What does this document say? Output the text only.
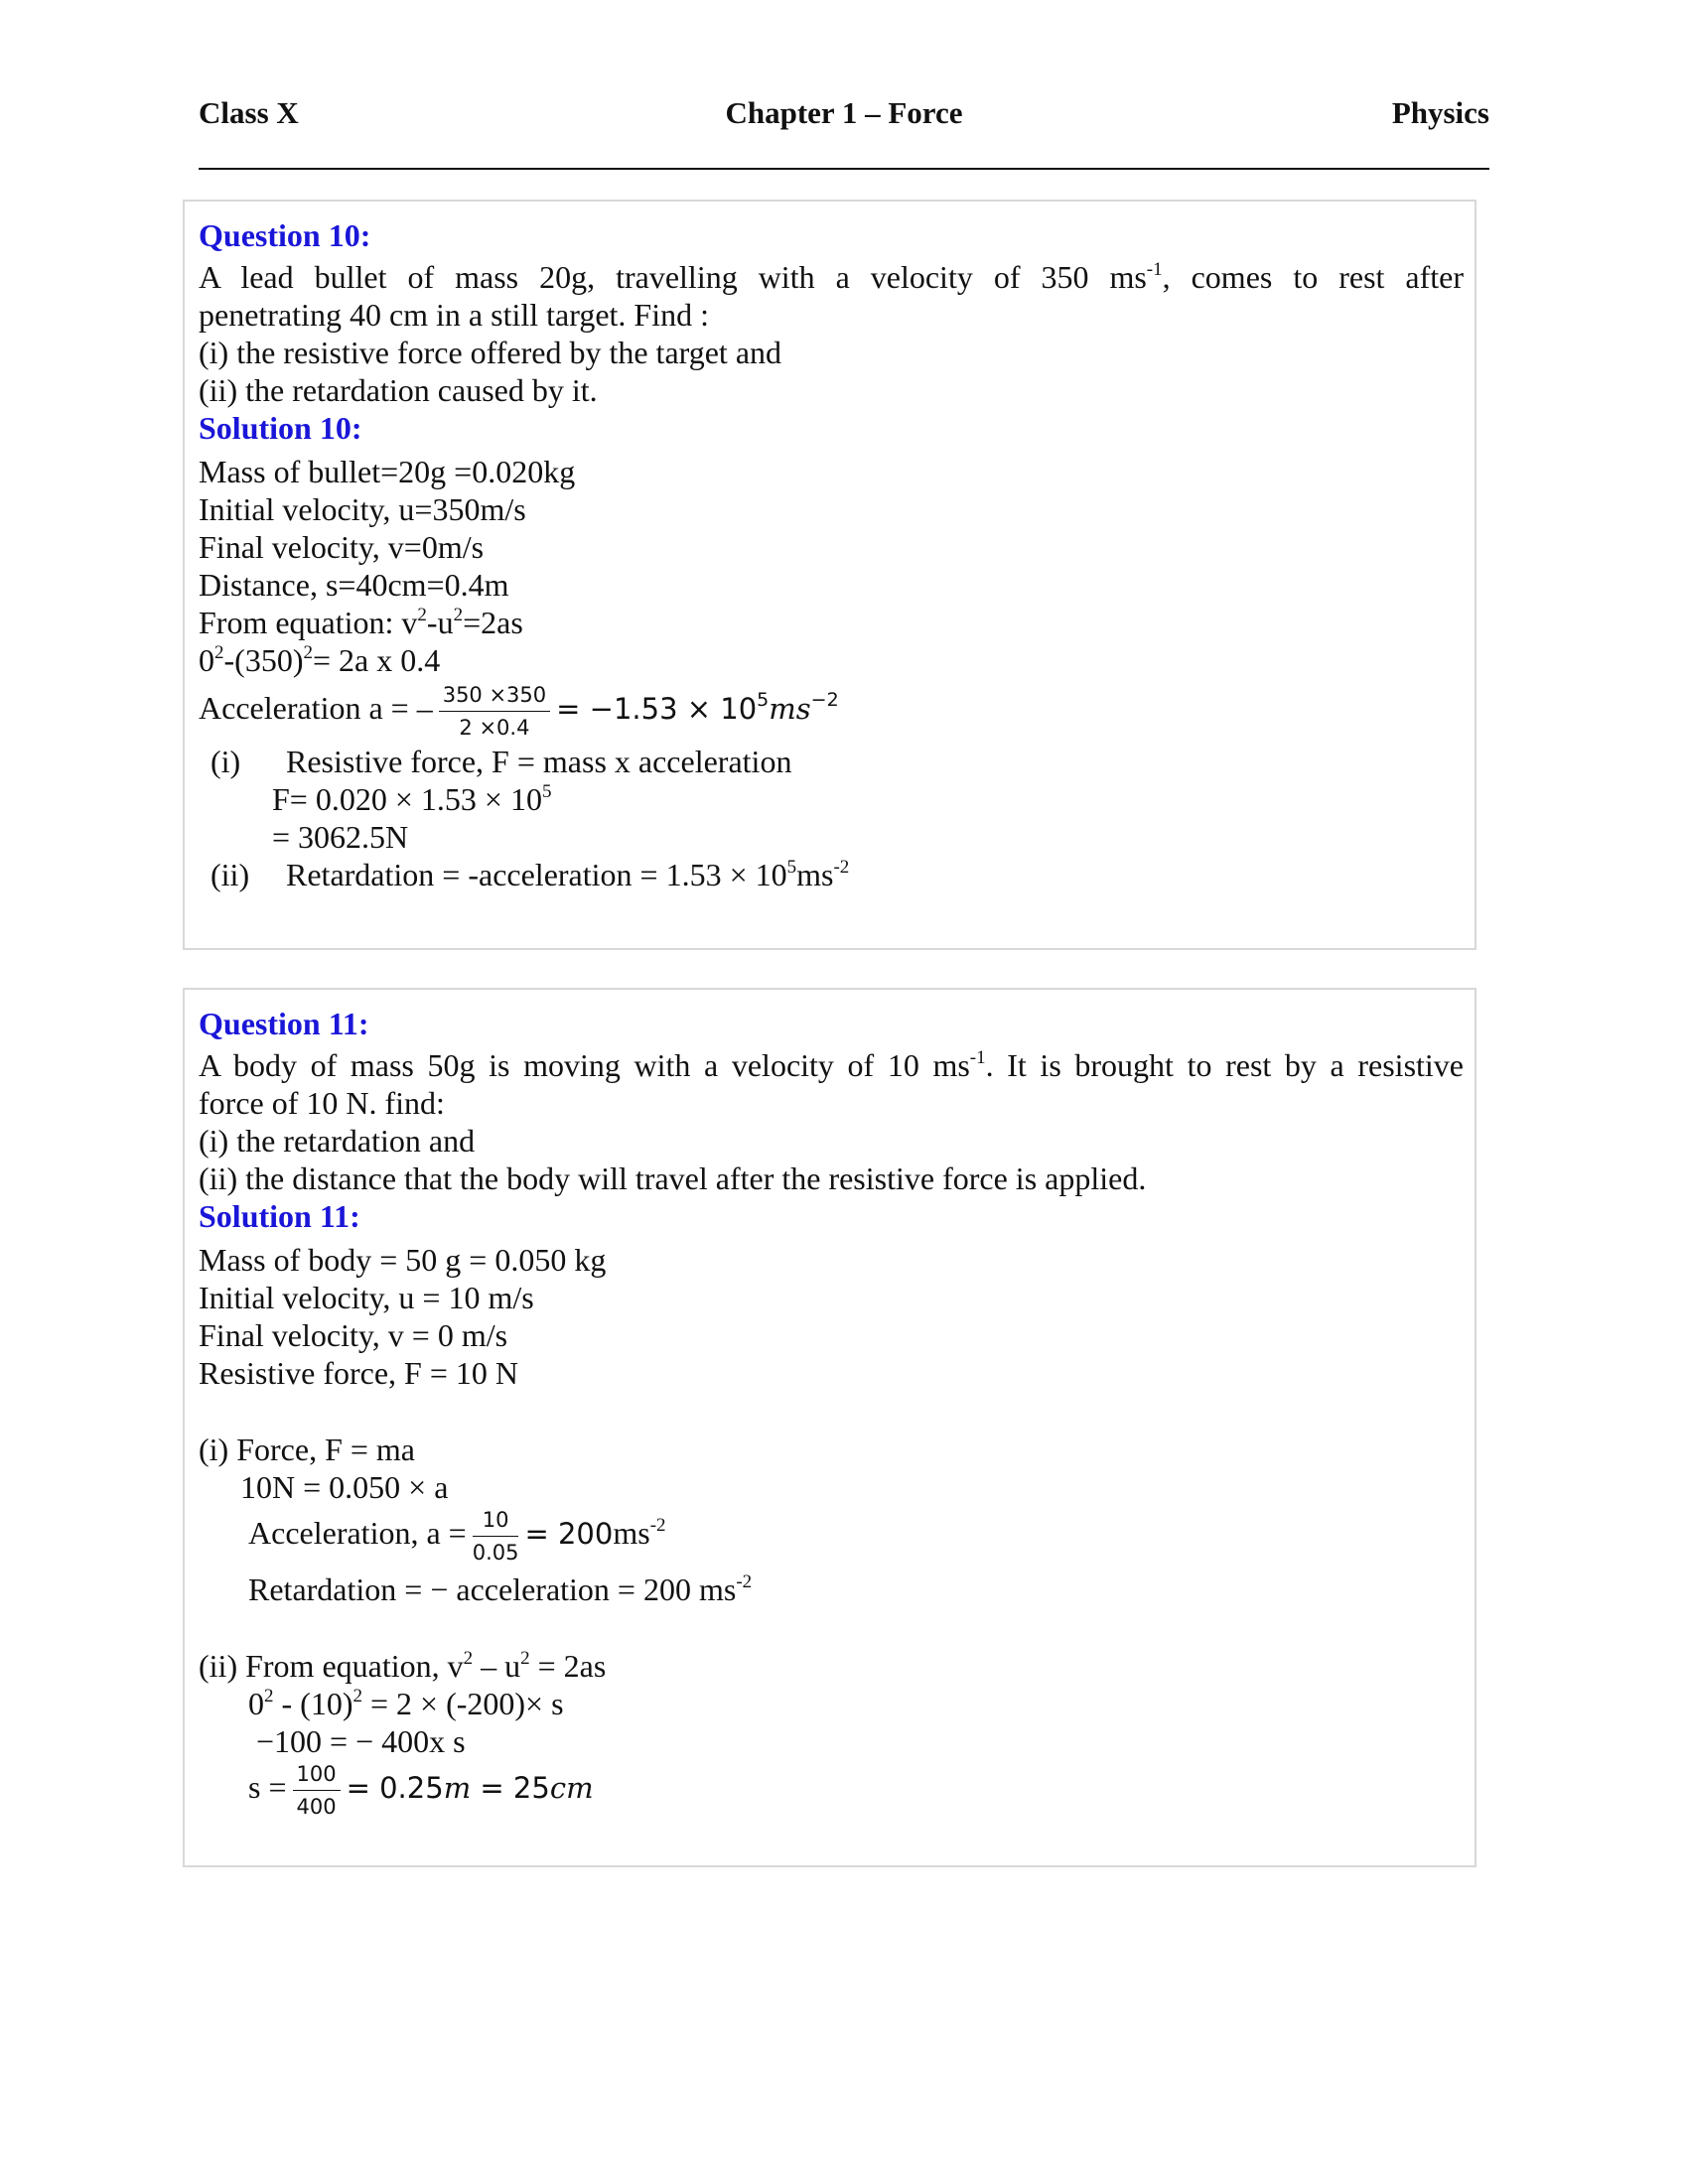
Class X	Chapter 1 – Force	Physics
Question 10:
A lead bullet of mass 20g, travelling with a velocity of 350 $ms^{-1}$, comes to rest after
penetrating 40 cm in a still target. Find :
(i) the resistive force offered by the target and
(ii) the retardation caused by it.
Solution 10:
Mass of bullet=20g =0.020kg
Initial velocity, u=350m/s
Final velocity, v=0m/s
Distance, s=40cm=0.4m
From equation: $v^2-u^2=2as$
$0^2-(350)^2= 2a$ x 0.4
Acceleration a = – $\frac{350 \times 350}{2 \times 0.4} = -1.53 \times 10^5ms^{-2}$
(i) Resistive force, F = mass x acceleration
$F= 0.020 \times 1.53 \times 10^5$
= 3062.5N
(ii) Retardation = -acceleration = $1.53 \times 10^5ms^{-2}$
Question 11:
A body of mass 50g is moving with a velocity of 10 $ms^{-1}$. It is brought to rest by a resistive
force of 10 N. find:
(i) the retardation and
(ii) the distance that the body will travel after the resistive force is applied.
Solution 11:
Mass of body = 50 g = 0.050 kg
Initial velocity, u = 10 m/s
Final velocity, v = 0 m/s
Resistive force, F = 10 N
(i) Force, F = ma
10N = 0.050 × a
Acceleration, $a = \frac{10}{0.05} = 200ms^{-2}$
Retardation = − acceleration = 200 $ms^{-2}$
(ii) From equation, $v^2 - u^2 = 2as$
$0^2 - (10)^2 = 2 \times (-200)\times s$
−100 = − 400x s
$s = \frac{100}{400} = 0.25m = 25cm$
